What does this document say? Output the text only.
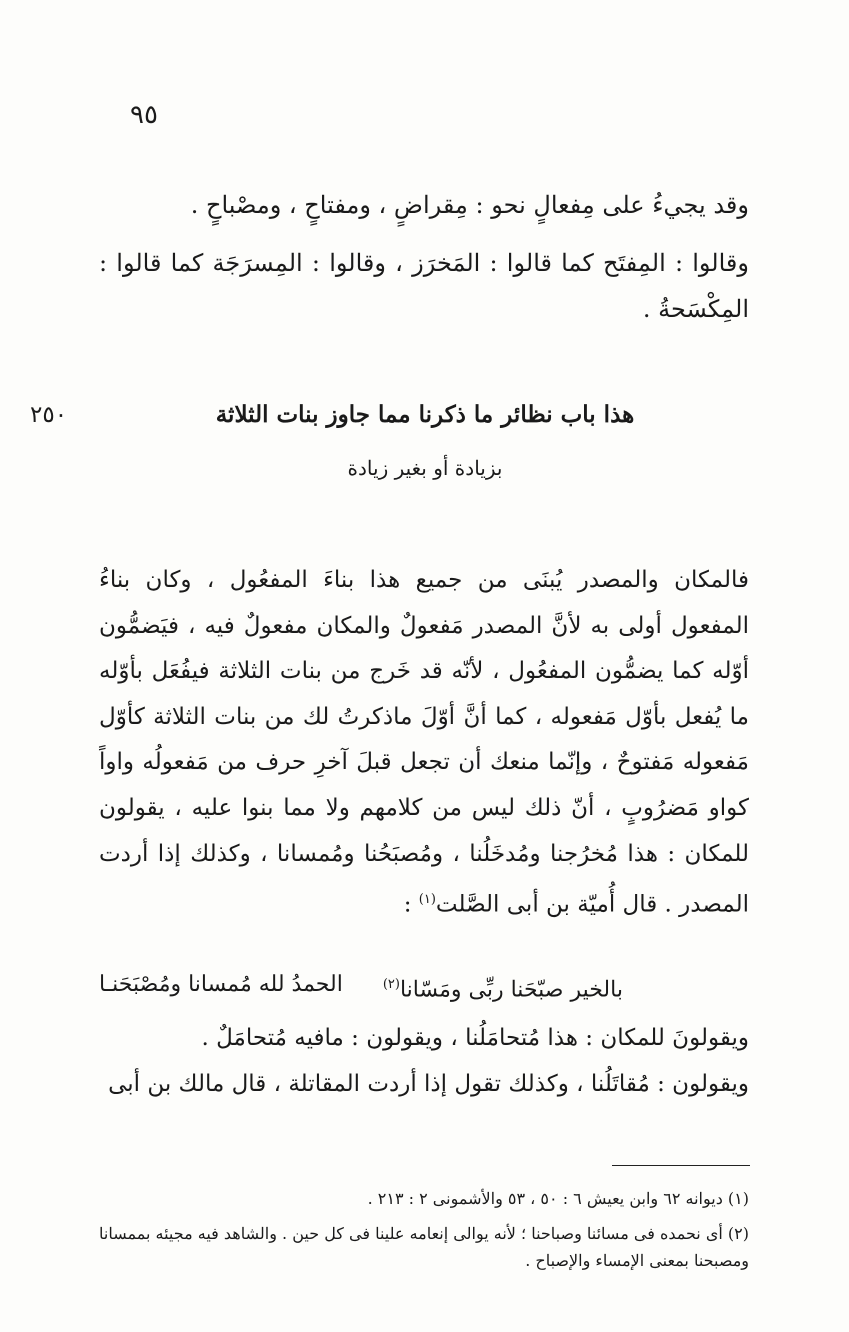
٩٥
وقد يجيءُ على مِفعالٍ نحو : مِقراضٍ ، ومفتاحٍ ، ومصْباحٍ .
وقالوا : المِفتَح كما قالوا : المَخرَز ، وقالوا : المِسرَجَة كما قالوا : المِكْسَحةُ .
٢٥٠	هذا باب نظائر ما ذكرنا مما جاوز بنات الثلاثة
بزيادة أو بغير زيادة

فالمكان والمصدر يُبنَى من جميع هذا بناءَ المفعُول ، وكان بناءُ المفعول أولى به لأنَّ المصدر مَفعولٌ والمكان مفعولٌ فيه ، فيَضمُّون أوّله كما يضمُّون المفعُول ، لأنّه قد خَرج من بنات الثلاثة فيفُعَل بأوّله ما يُفعل بأوّل مَفعوله ، كما أنَّ أوّلَ ماذكرتُ لك من بنات الثلاثة كأوّل مَفعوله مَفتوحٌ ، وإنّما منعك أن تجعل قبلَ آخرِ حرف من مَفعولُه واواً كواو مَضرُوبٍ ، أنّ ذلك ليس من كلامهم ولا مما بنوا عليه ، يقولون للمكان : هذا مُخرُجنا ومُدخَلُنا ، ومُصبَحُنا ومُمسانا ، وكذلك إذا أردت المصدر . قال أُميّة بن أبى الصَّلت$^{(١)}$ :

الحمدُ لله مُمسانا ومُصْبَحَنـا	بالخير صبّحَنا ربِّى ومَسّانا$^{(٢)}$

ويقولونَ للمكان : هذا مُتحامَلُنا ، ويقولون : مافيه مُتحامَلٌ .

ويقولون : مُقاتَلُنا ، وكذلك تقول إذا أردت المقاتلة ، قال مالك بن أبى

(١) ديوانه ٦٢ وابن يعيش ٦ : ٥٠ ، ٥٣ والأشمونى ٢ : ٢١٣ .

(٢) أى نحمده فى مسائنا وصباحنا ؛ لأنه يوالى إنعامه علينا فى كل حين . والشاهد فيه مجيئه بممسانا ومصبحنا بمعنى الإمساء والإصباح .
